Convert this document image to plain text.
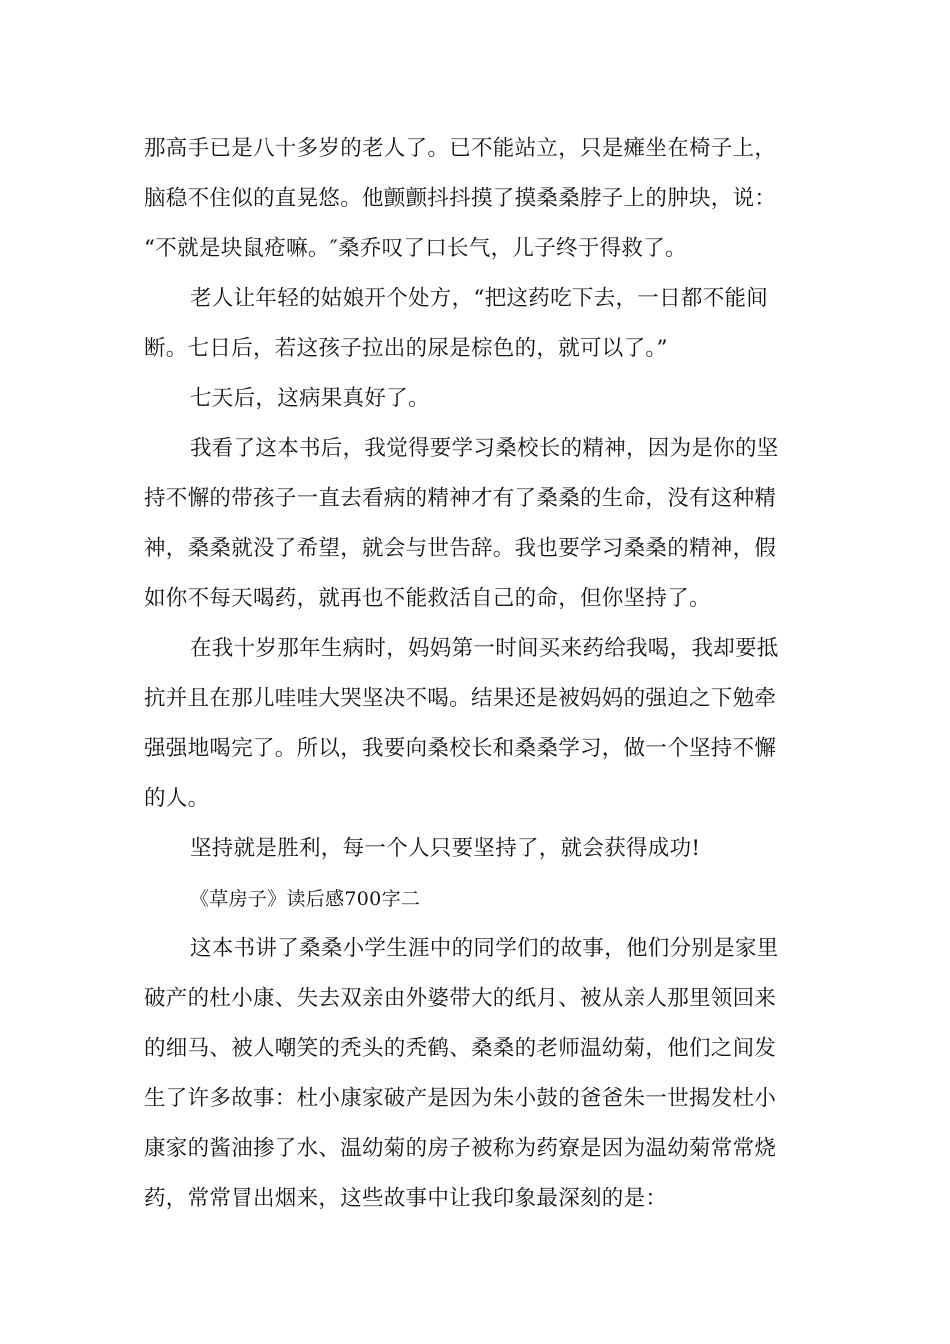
那高手已是八十多岁的老人了。已不能站立，只是瘫坐在椅子上，
脑稳不住似的直晃悠。他颤颤抖抖摸了摸桑桑脖子上的肿块，说：
“不就是块鼠疮嘛。″桑乔叹了口长气，儿子终于得救了。
老人让年轻的姑娘开个处方，“把这药吃下去，一日都不能间
断。七日后，若这孩子拉出的尿是棕色的，就可以了。”
七天后，这病果真好了。
我看了这本书后，我觉得要学习桑校长的精神，因为是你的坚
持不懈的带孩子一直去看病的精神才有了桑桑的生命，没有这种精
神，桑桑就没了希望，就会与世告辞。我也要学习桑桑的精神，假
如你不每天喝药，就再也不能救活自己的命，但你坚持了。
在我十岁那年生病时，妈妈第一时间买来药给我喝，我却要抵
抗并且在那儿哇哇大哭坚决不喝。结果还是被妈妈的强迫之下勉牵
强强地喝完了。所以，我要向桑校长和桑桑学习，做一个坚持不懈
的人。
坚持就是胜利，每一个人只要坚持了，就会获得成功!
《草房子》读后感700字二
这本书讲了桑桑小学生涯中的同学们的故事，他们分别是家里
破产的杜小康、失去双亲由外婆带大的纸月、被从亲人那里领回来
的细马、被人嘲笑的秃头的秃鹤、桑桑的老师温幼菊，他们之间发
生了许多故事：杜小康家破产是因为朱小鼓的爸爸朱一世揭发杜小
康家的酱油掺了水、温幼菊的房子被称为药寮是因为温幼菊常常烧
药，常常冒出烟来，这些故事中让我印象最深刻的是：
